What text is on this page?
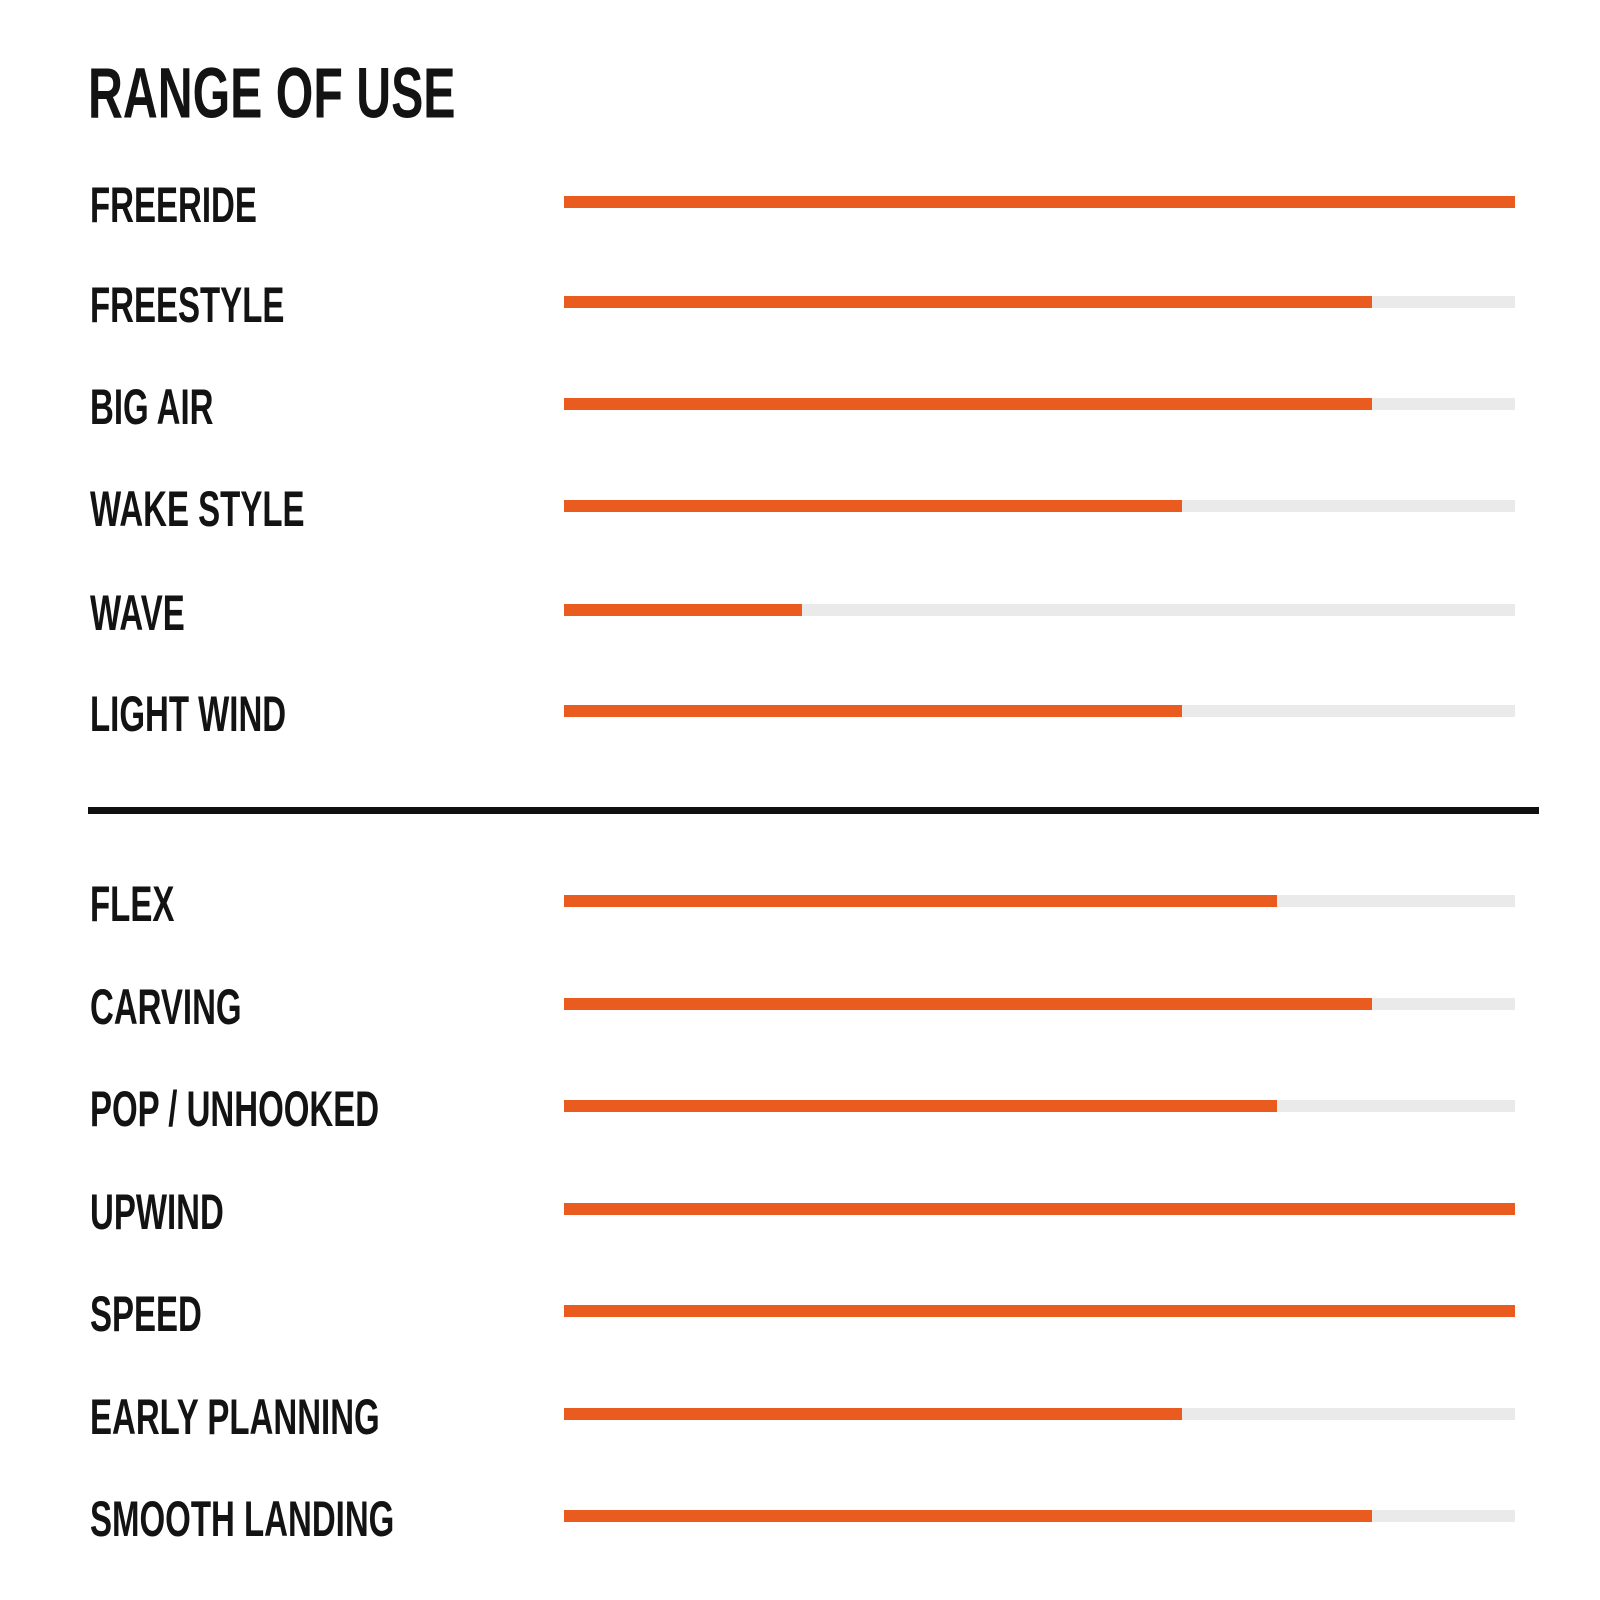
RANGE OF USE
FREERIDE
FREESTYLE
BIG AIR
WAKE STYLE
WAVE
LIGHT WIND
FLEX
CARVING
POP / UNHOOKED
UPWIND
SPEED
EARLY PLANNING
SMOOTH LANDING
